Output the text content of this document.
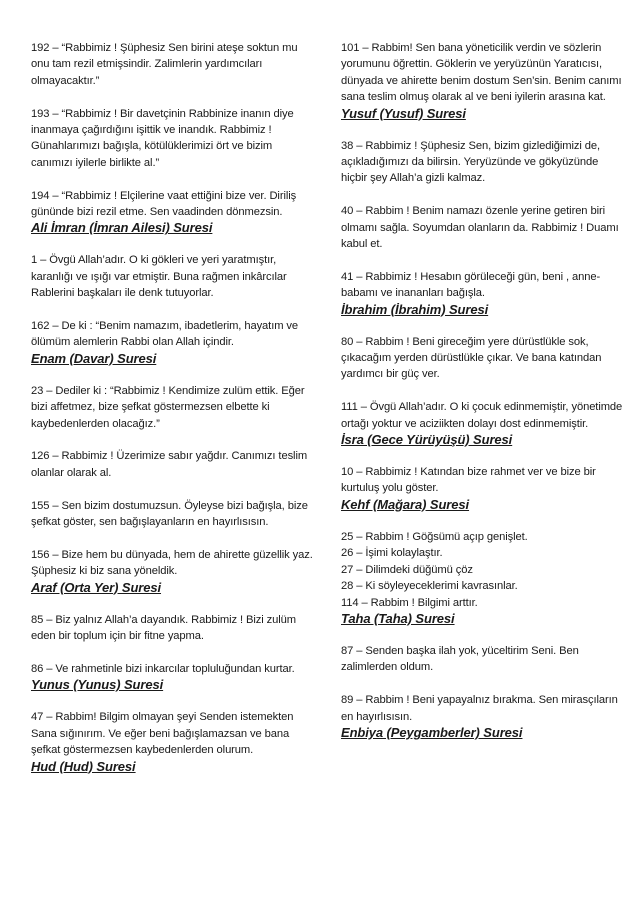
192 – “Rabbimiz ! Şüphesiz Sen birini ateşe soktun mu onu tam rezil etmişsindir. Zalimlerin yardımcıları olmayacaktır.”

193 – “Rabbimiz ! Bir davetçinin Rabbinize inanın diye inanmaya çağırdığını işittik ve inandık. Rabbimiz ! Günahlarımızı bağışla, kötülüklerimizi ört ve bizim canımızı iyilerle birlikte al.”

194 – “Rabbimiz ! Elçilerine vaat ettiğini bize ver. Diriliş gününde bizi rezil etme. Sen vaadinden dönmezsin.

Ali İmran (İmran Ailesi) Suresi

1 – Övgü Allah’adır. O ki gökleri ve yeri yaratmıştır, karanlığı ve ışığı var etmiştir. Buna rağmen inkârcılar Rablerini başkaları ile denk tutuyorlar.

162 – De ki : “Benim namazım, ibadetlerim, hayatım ve ölümüm alemlerin Rabbi olan Allah içindir.

Enam (Davar) Suresi

23 – Dediler ki : “Rabbimiz ! Kendimize zulüm ettik. Eğer bizi affetmez, bize şefkat göstermezsen elbette ki kaybedenlerden olacağız.”

126 – Rabbimiz ! Üzerimize sabır yağdır. Canımızı teslim olanlar olarak al.

155 – Sen bizim dostumuzsun. Öyleyse bizi bağışla, bize şefkat göster, sen bağışlayanların en hayırlısısın.

156 – Bize hem bu dünyada, hem de ahirette güzellik yaz. Şüphesiz ki biz sana yöneldik.

Araf (Orta Yer) Suresi

85 – Biz yalnız Allah’a dayandık. Rabbimiz ! Bizi zulüm eden bir toplum için bir fitne yapma.

86 – Ve rahmetinle bizi inkarcılar topluluğundan kurtar.

Yunus (Yunus) Suresi

47 – Rabbim! Bilgim olmayan şeyi Senden istemekten Sana sığınırım. Ve eğer beni bağışlamazsan ve bana şefkat göstermezsen kaybedenlerden olurum.

Hud (Hud) Suresi

101 – Rabbim! Sen bana yöneticilik verdin ve sözlerin yorumunu öğrettin. Göklerin ve yeryüzünün Yaratıcısı, dünyada ve ahirette benim dostum Sen’sin. Benim canımı sana teslim olmuş olarak al ve beni iyilerin arasına kat.

Yusuf (Yusuf) Suresi

38 – Rabbimiz ! Şüphesiz Sen, bizim gizlediğimizi de, açıkladığımızı da bilirsin. Yeryüzünde ve gökyüzünde hiçbir şey Allah’a gizli kalmaz.

40 – Rabbim ! Benim namazı özenle yerine getiren biri olmamı sağla. Soyumdan olanların da. Rabbimiz ! Duamı kabul et.

41 – Rabbimiz ! Hesabın görüleceği gün, beni , anne-babamı ve inananları bağışla.

İbrahim (İbrahim) Suresi

80 – Rabbim ! Beni gireceğim yere dürüstlükle sok, çıkacağım yerden dürüstlükle çıkar. Ve bana katından yardımcı bir güç ver.

111 – Övgü Allah’adır. O ki çocuk edinmemiştir, yönetimde ortağı yoktur ve aciziikten dolayı dost edinmemiştir.

İsra (Gece Yürüyüşü) Suresi

10 – Rabbimiz ! Katından bize rahmet ver ve bize bir kurtuluş yolu göster.

Kehf (Mağara) Suresi
25 – Rabbim ! Göğsümü açıp genişlet.
26 – İşimi kolaylaştır.
27 – Dilimdeki düğümü çöz
28 – Ki söyleyeceklerimi kavrasınlar.
114 – Rabbim ! Bilgimi arttır.
Taha (Taha) Suresi

87 – Senden başka ilah yok, yüceltirim Seni. Ben zalimlerden oldum.

89 – Rabbim ! Beni yapayalnız bırakma. Sen mirasçıların en hayırlısısın.

Enbiya (Peygamberler) Suresi
